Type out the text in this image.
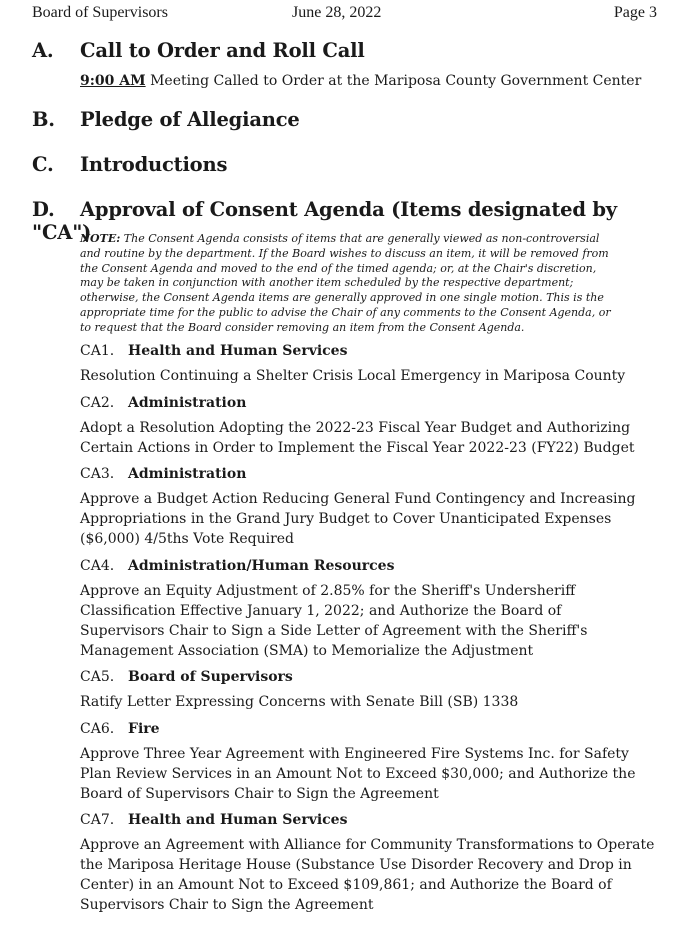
Board of Supervisors	June 28, 2022	Page 3
A. Call to Order and Roll Call
9:00 AM Meeting Called to Order at the Mariposa County Government Center
B. Pledge of Allegiance
C. Introductions
D. Approval of Consent Agenda (Items designated by "CA")
NOTE: The Consent Agenda consists of items that are generally viewed as non-controversial
and routine by the department. If the Board wishes to discuss an item, it will be removed from
the Consent Agenda and moved to the end of the timed agenda; or, at the Chair's discretion,
may be taken in conjunction with another item scheduled by the respective department;
otherwise, the Consent Agenda items are generally approved in one single motion. This is the
appropriate time for the public to advise the Chair of any comments to the Consent Agenda, or
to request that the Board consider removing an item from the Consent Agenda.
CA1. Health and Human Services
Resolution Continuing a Shelter Crisis Local Emergency in Mariposa County
CA2. Administration
Adopt a Resolution Adopting the 2022-23 Fiscal Year Budget and Authorizing
Certain Actions in Order to Implement the Fiscal Year 2022-23 (FY22) Budget
CA3. Administration
Approve a Budget Action Reducing General Fund Contingency and Increasing
Appropriations in the Grand Jury Budget to Cover Unanticipated Expenses
($6,000) 4/5ths Vote Required
CA4. Administration/Human Resources
Approve an Equity Adjustment of 2.85% for the Sheriff's Undersheriff
Classification Effective January 1, 2022; and Authorize the Board of
Supervisors Chair to Sign a Side Letter of Agreement with the Sheriff's
Management Association (SMA) to Memorialize the Adjustment
CA5. Board of Supervisors
Ratify Letter Expressing Concerns with Senate Bill (SB) 1338
CA6. Fire
Approve Three Year Agreement with Engineered Fire Systems Inc. for Safety
Plan Review Services in an Amount Not to Exceed $30,000; and Authorize the
Board of Supervisors Chair to Sign the Agreement
CA7. Health and Human Services
Approve an Agreement with Alliance for Community Transformations to Operate
the Mariposa Heritage House (Substance Use Disorder Recovery and Drop in
Center) in an Amount Not to Exceed $109,861; and Authorize the Board of
Supervisors Chair to Sign the Agreement
